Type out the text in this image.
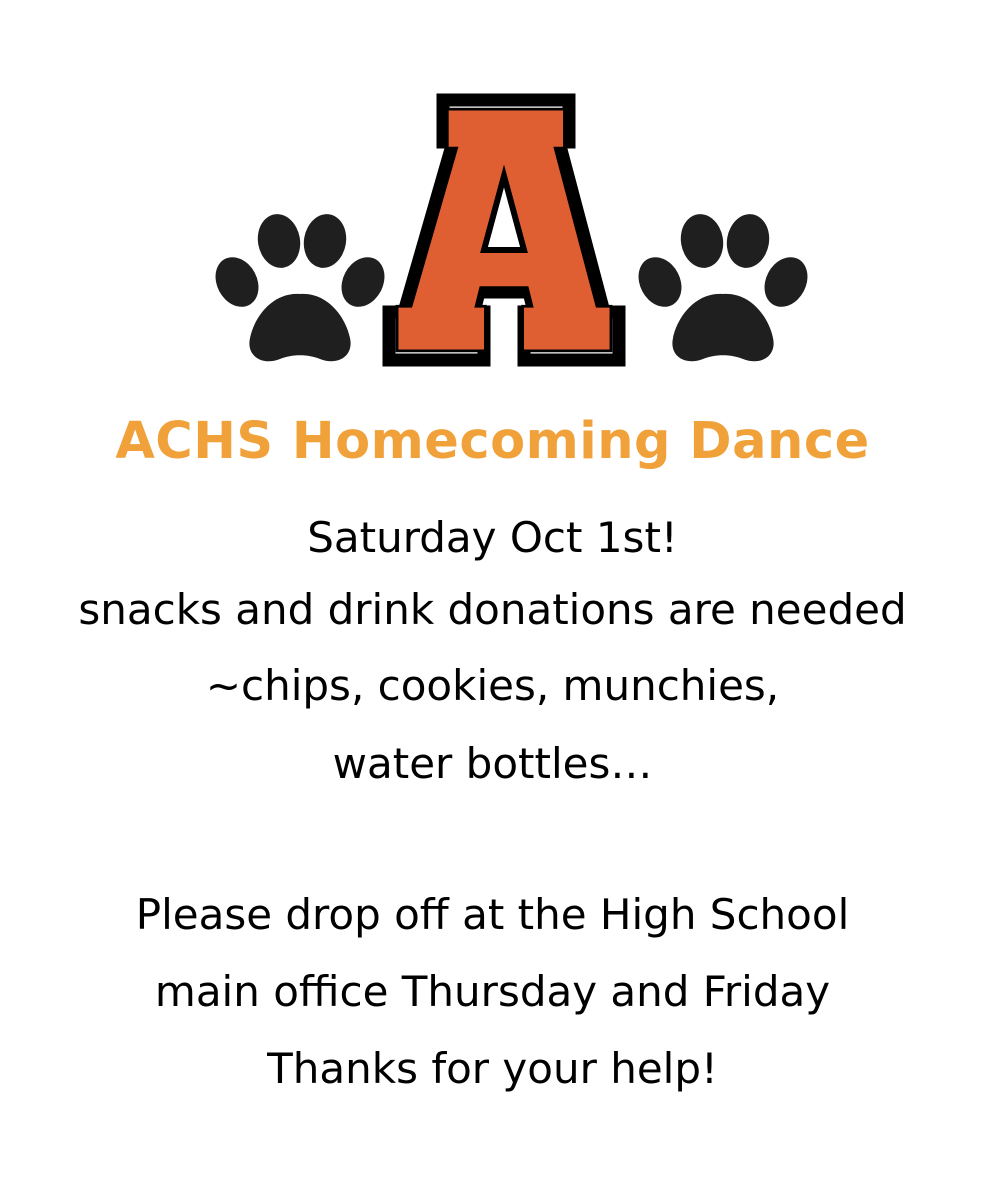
ACHS Homecoming Dance
Saturday Oct 1st!
snacks and drink donations are needed
~chips, cookies, munchies,
water bottles…
Please drop off at the High School
main office Thursday and Friday
Thanks for your help!
